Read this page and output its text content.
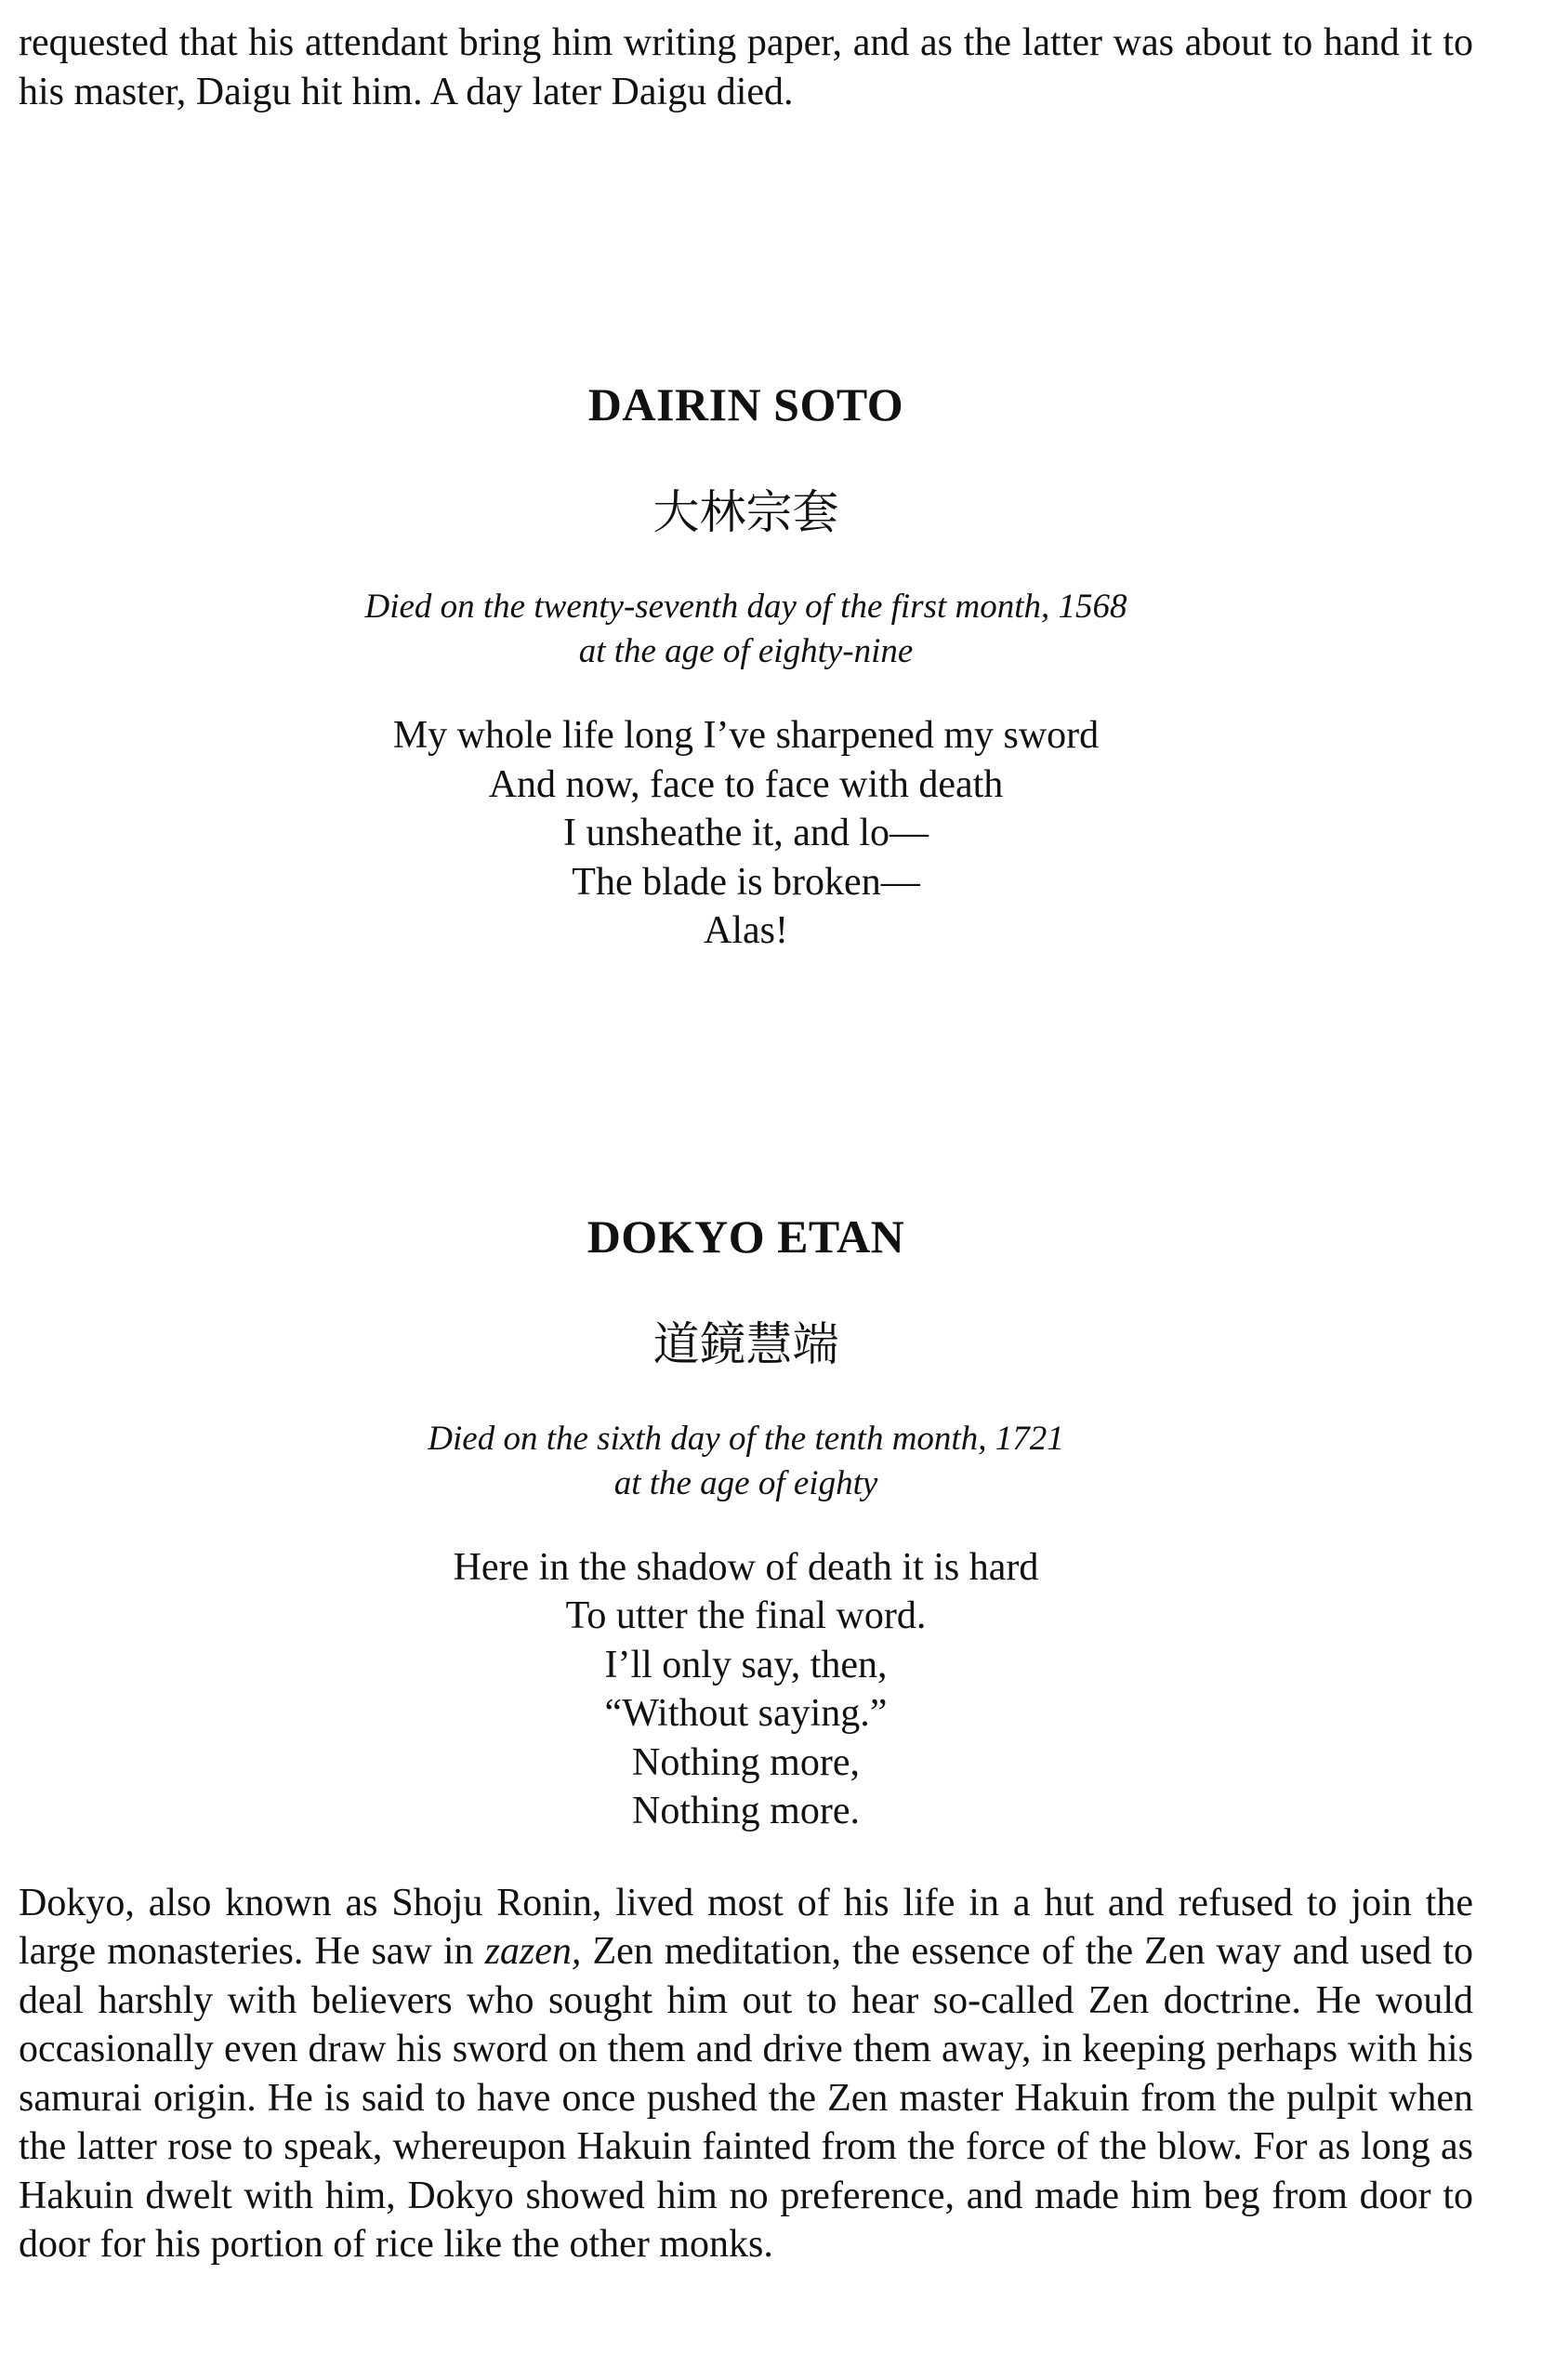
requested that his attendant bring him writing paper, and as the latter was about to hand it to his master, Daigu hit him. A day later Daigu died.

DAIRIN SOTO

大林宗套

Died on the twenty-seventh day of the first month, 1568

at the age of eighty-nine

My whole life long I’ve sharpened my sword
And now, face to face with death
I unsheathe it, and lo—
The blade is broken—
Alas!
DOKYO ETAN

道鏡慧端

Died on the sixth day of the tenth month, 1721

at the age of eighty

Here in the shadow of death it is hard
To utter the final word.
I’ll only say, then,
“Without saying.”
Nothing more,
Nothing more.

Dokyo, also known as Shoju Ronin, lived most of his life in a hut and refused to join the large monasteries. He saw in zazen, Zen meditation, the essence of the Zen way and used to deal harshly with believers who sought him out to hear so-called Zen doctrine. He would occasionally even draw his sword on them and drive them away, in keeping perhaps with his samurai origin. He is said to have once pushed the Zen master Hakuin from the pulpit when the latter rose to speak, whereupon Hakuin fainted from the force of the blow. For as long as Hakuin dwelt with him, Dokyo showed him no preference, and made him beg from door to door for his portion of rice like the other monks.
